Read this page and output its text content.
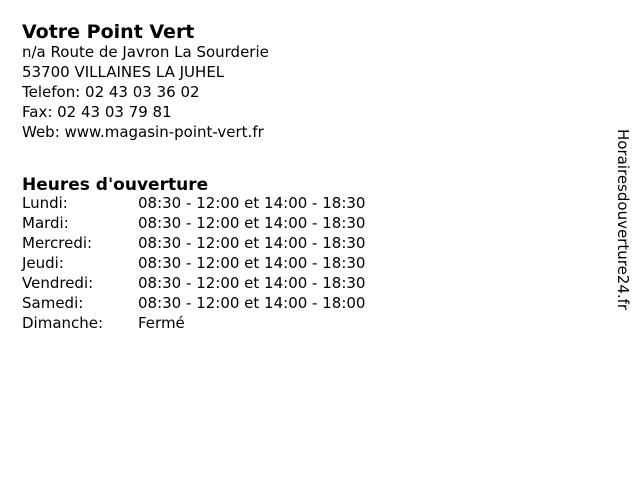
Votre Point Vert
n/a Route de Javron La Sourderie
53700 VILLAINES LA JUHEL
Telefon: 02 43 03 36 02
Fax: 02 43 03 79 81
Web: www.magasin-point-vert.fr
Heures d'ouverture
Lundi:	08:30 - 12:00 et 14:00 - 18:30
Mardi:	08:30 - 12:00 et 14:00 - 18:30
Mercredi:	08:30 - 12:00 et 14:00 - 18:30
Jeudi:	08:30 - 12:00 et 14:00 - 18:30
Vendredi:	08:30 - 12:00 et 14:00 - 18:30
Samedi:	08:30 - 12:00 et 14:00 - 18:00
Dimanche:	Fermé
Horairesdouverture24.fr
